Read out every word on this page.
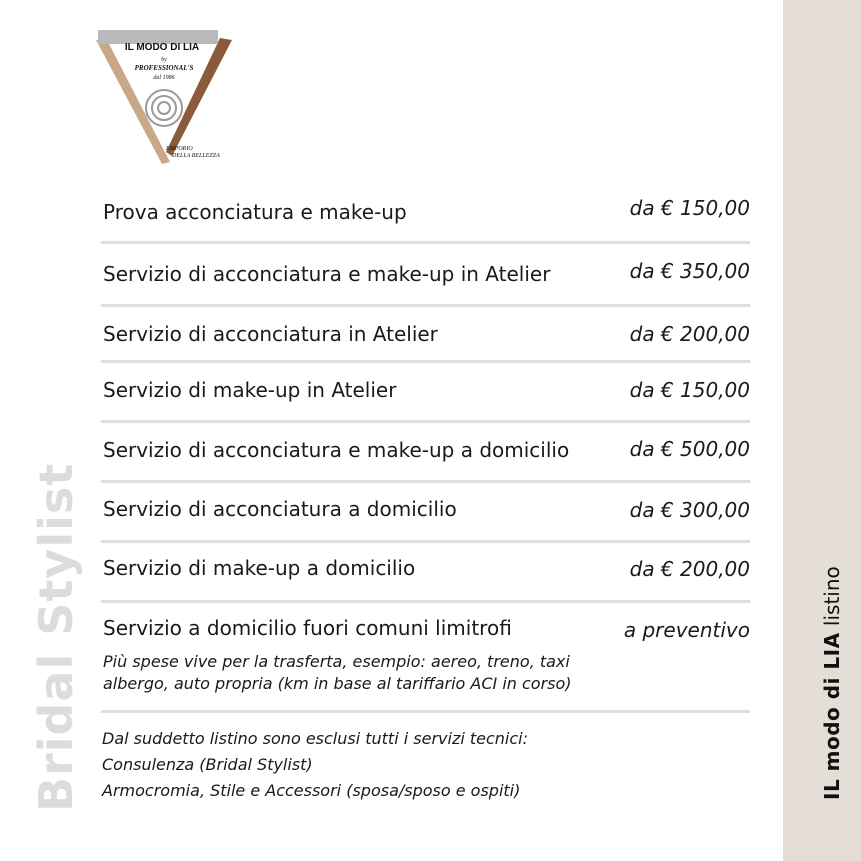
IL modo di LIA listino
Bridal Stylist
IL MODO DI LIA
by
PROFESSIONAL'S
dal 1986
EMPORIO
DELLA BELLEZZA
Prova acconciatura e make-up	da € 150,00
Servizio di acconciatura e make-up in Atelier	da € 350,00
Servizio di acconciatura in Atelier	da € 200,00
Servizio di make-up in Atelier	da € 150,00
Servizio di acconciatura e make-up a domicilio	da € 500,00
Servizio di acconciatura a domicilio	da € 300,00
Servizio di make-up a domicilio	da € 200,00
Servizio a domicilio fuori comuni limitrofi	a preventivo
Più spese vive per la trasferta, esempio: aereo, treno, taxi
albergo, auto propria (km in base al tariffario ACI in corso)
Dal suddetto listino sono esclusi tutti i servizi tecnici:
Consulenza (Bridal Stylist)
Armocromia, Stile e Accessori (sposa/sposo e ospiti)
